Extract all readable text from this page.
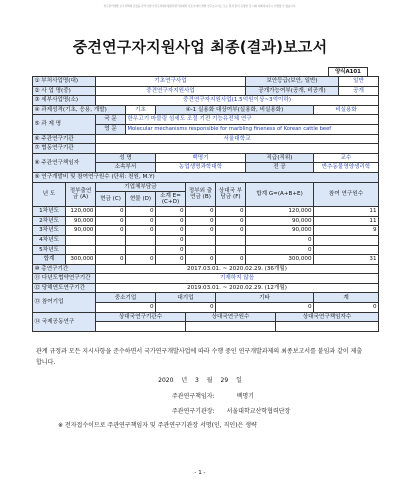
연구관리개발 보고서해제 표명을 관리기관이 연구과제수행결과관리과제의 기조사에서 개발 연구보고서는 또는 결과 말이 유명한 것 이외 제외하여주시 수행할 수 없습니다.
중견연구자지원사업 최종(결과)보고서
양식A101
① 부처사업명(대)		기초연구사업					보안등급(보안, 일반)			일반
② 사 업 명(중)		중견연구자지원사업					공개가능여부(공개, 비공개)			공개
③ 세부사업명(소)		중견연구자지원사업(1.5억원이상~3억이하)								
④ 과제성격(기초, 응용, 개발)			기초	④-1 실용화 대상여부(실용화, 비실용화)					비실용화	
⑤ 과 제 명		국 문	한우고기 마블링 섬세도 조절 기전 기능유전체 연구							
		영 문	Molecular mechanisms responsible for marbling fineness of Korean cattle beef							
⑥ 주관연구기관		서울대학교								
⑦ 협동연구기관										
⑧ 주관연구책임자		성 명		백명기			직급(직위)		교수	
		소속부서		농업생명과학대학			전 공		반추동물영양생리학	
⑨ 연구개발비 및 참여연구원수 (단위: 천원, M.Y)										
년 도	정부출연금 (A)	기업체부담금			정부외 출연금 (B)	상대국 부담금 (F)	합계 G=(A+B+E)		참여 연구원수	
		현금 (C)	현물 (D)	소계 E=(C+D)						
1차년도	120,000	0	0	0	0	0	120,000		11	
2차년도	90,000	0	0	0	0	0	90,000		11	
3차년도	90,000	0	0	0	0	0	90,000		9	
4차년도				0			0			
5차년도				0			0			
합계	300,000	0	0	0	0	0	300,000		31	
⑩ 총연구기간		2017.03.01. ~ 2020.02.29. (36개월)								
⑪ 다년도협약연구기간		기재하지 않음								
⑫ 당해연도연구기간		2019.03.01. ~ 2020.02.29. (12개월)								
⑬ 참여기업		중소기업		대기업		기타			계	
		0		0		0			0	
⑭ 국제공동연구		상대국연구기관수			상대국연구원수			상대국연구책임자수		

관계 규정과 모든 지시사항을 준수하면서 국가연구개발사업에 따라 수행 중인 연구개발과제의 최종보고서를 붙임과 같이 제출 합니다.
2020 년 3 월 29 일
주관연구책임자:	백명기
주관연구기관장: 서울대학교산학협력단장
※ 전자접수이므로 주관연구책임자 및 주관연구기관장 서명(인, 직인)은 생략
- 1 -
